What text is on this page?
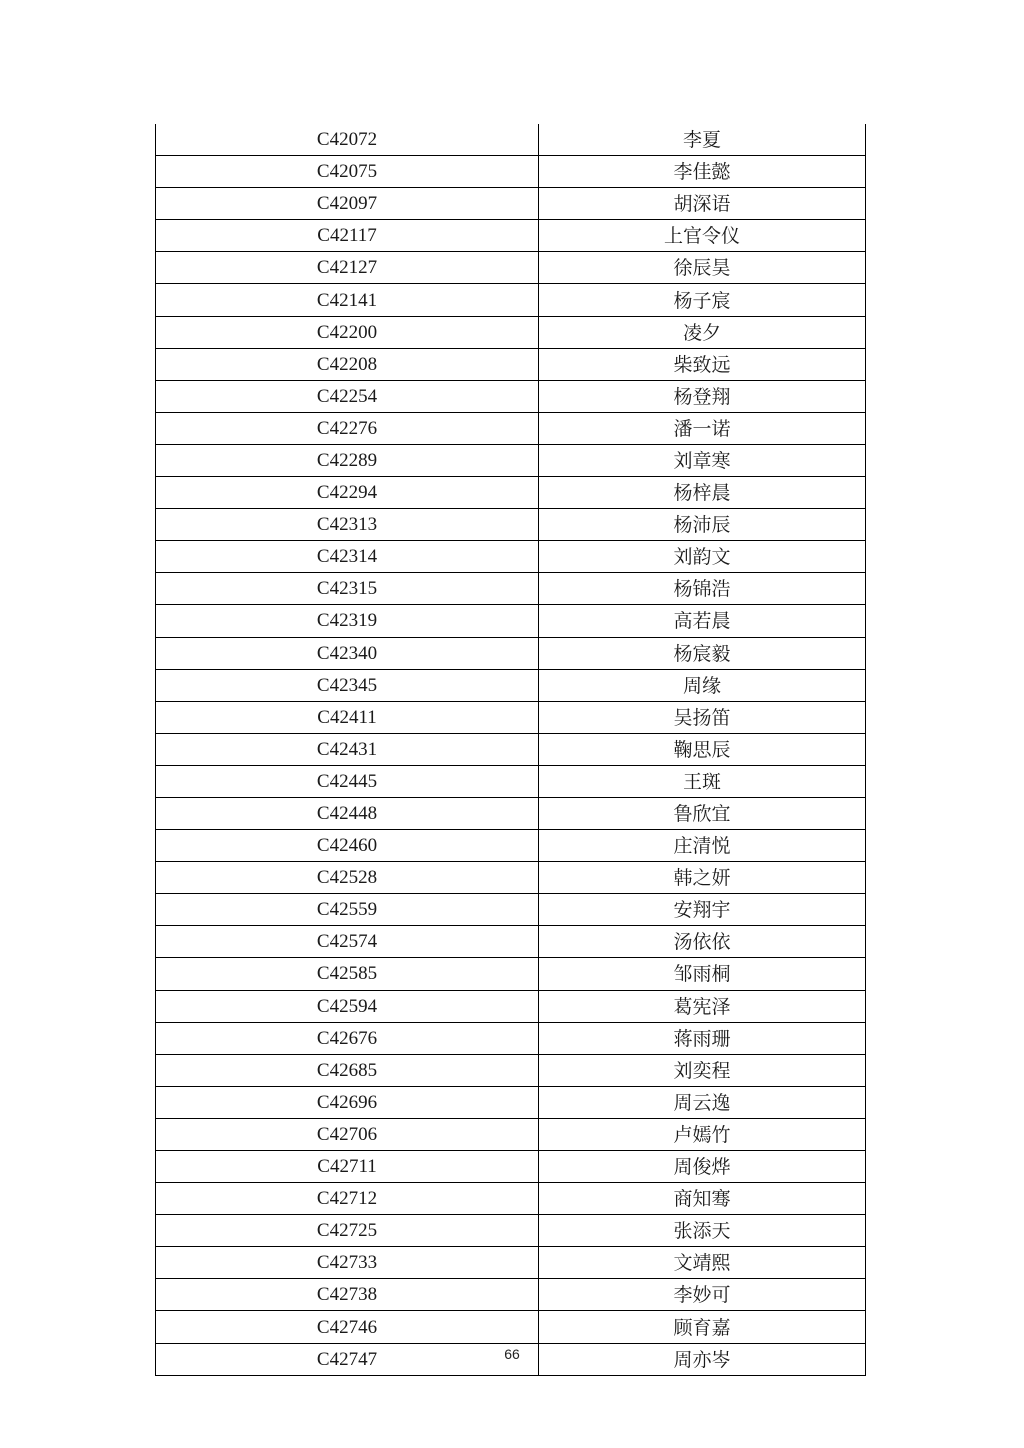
C42072	李夏
C42075	李佳懿
C42097	胡深语
C42117	上官令仪
C42127	徐辰昊
C42141	杨子宸
C42200	凌夕
C42208	柴致远
C42254	杨登翔
C42276	潘一诺
C42289	刘章寒
C42294	杨梓晨
C42313	杨沛辰
C42314	刘韵文
C42315	杨锦浩
C42319	高若晨
C42340	杨宸毅
C42345	周缘
C42411	吴扬笛
C42431	鞠思辰
C42445	王斑
C42448	鲁欣宜
C42460	庄清悦
C42528	韩之妍
C42559	安翔宇
C42574	汤依依
C42585	邹雨桐
C42594	葛宪泽
C42676	蒋雨珊
C42685	刘奕程
C42696	周云逸
C42706	卢嫣竹
C42711	周俊烨
C42712	商知骞
C42725	张添天
C42733	文靖熙
C42738	李妙可
C42746	顾育嘉
C42747	周亦岑
66
